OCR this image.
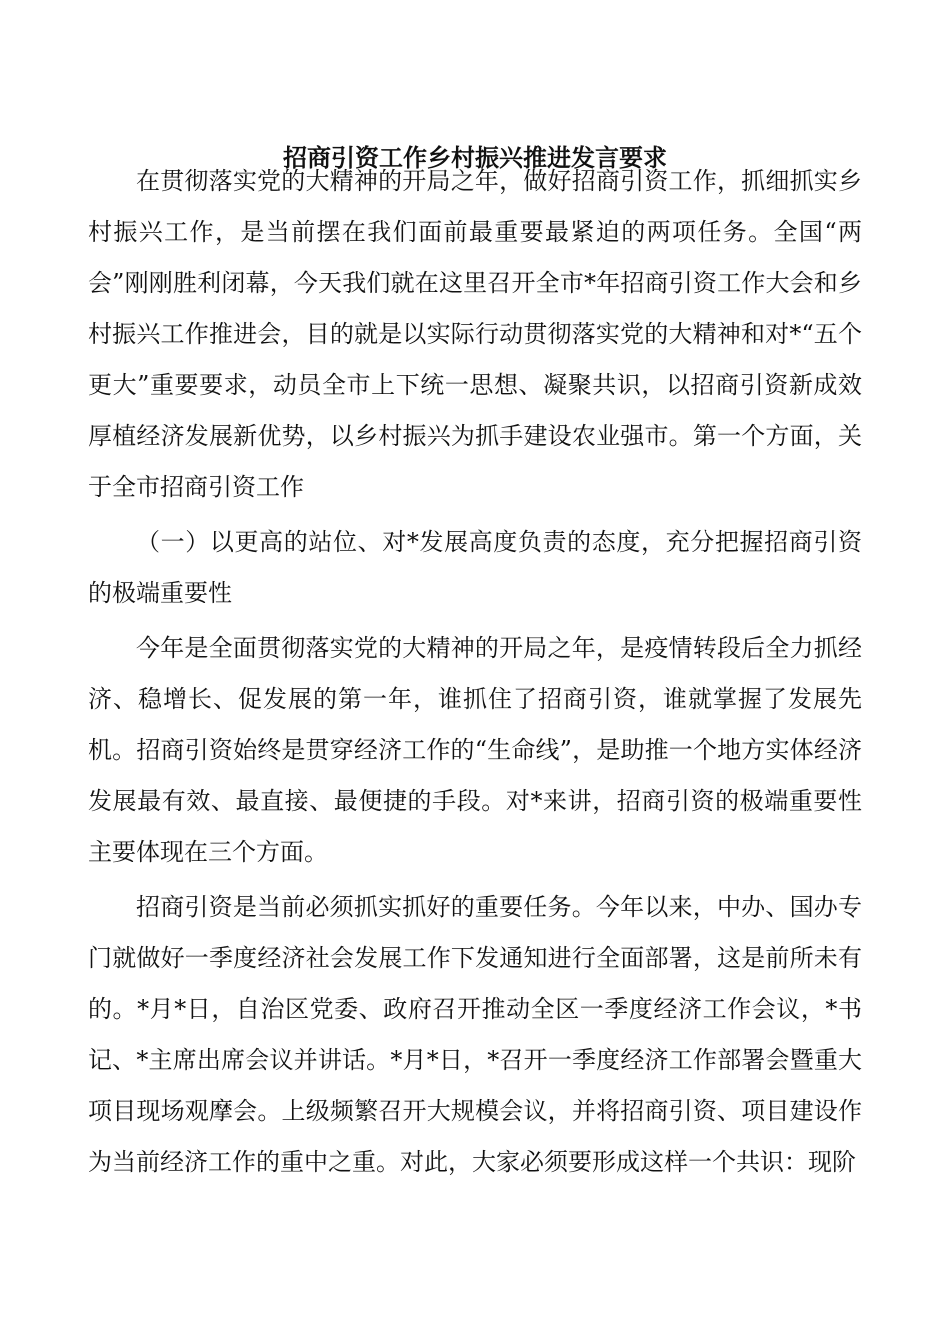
招商引资工作乡村振兴推进发言要求

在贯彻落实党的大精神的开局之年，做好招商引资工作，抓细抓实乡村振兴工作，是当前摆在我们面前最重要最紧迫的两项任务。全国“两会”刚刚胜利闭幕，今天我们就在这里召开全市*年招商引资工作大会和乡村振兴工作推进会，目的就是以实际行动贯彻落实党的大精神和对*“五个更大”重要要求，动员全市上下统一思想、凝聚共识，以招商引资新成效厚植经济发展新优势，以乡村振兴为抓手建设农业强市。第一个方面，关于全市招商引资工作

（一）以更高的站位、对*发展高度负责的态度，充分把握招商引资的极端重要性

今年是全面贯彻落实党的大精神的开局之年，是疫情转段后全力抓经济、稳增长、促发展的第一年，谁抓住了招商引资，谁就掌握了发展先机。招商引资始终是贯穿经济工作的“生命线”，是助推一个地方实体经济发展最有效、最直接、最便捷的手段。对*来讲，招商引资的极端重要性主要体现在三个方面。

招商引资是当前必须抓实抓好的重要任务。今年以来，中办、国办专门就做好一季度经济社会发展工作下发通知进行全面部署，这是前所未有的。*月*日，自治区党委、政府召开推动全区一季度经济工作会议，*书记、*主席出席会议并讲话。*月*日，*召开一季度经济工作部署会暨重大项目现场观摩会。上级频繁召开大规模会议，并将招商引资、项目建设作为当前经济工作的重中之重。对此，大家必须要形成这样一个共识：现阶
